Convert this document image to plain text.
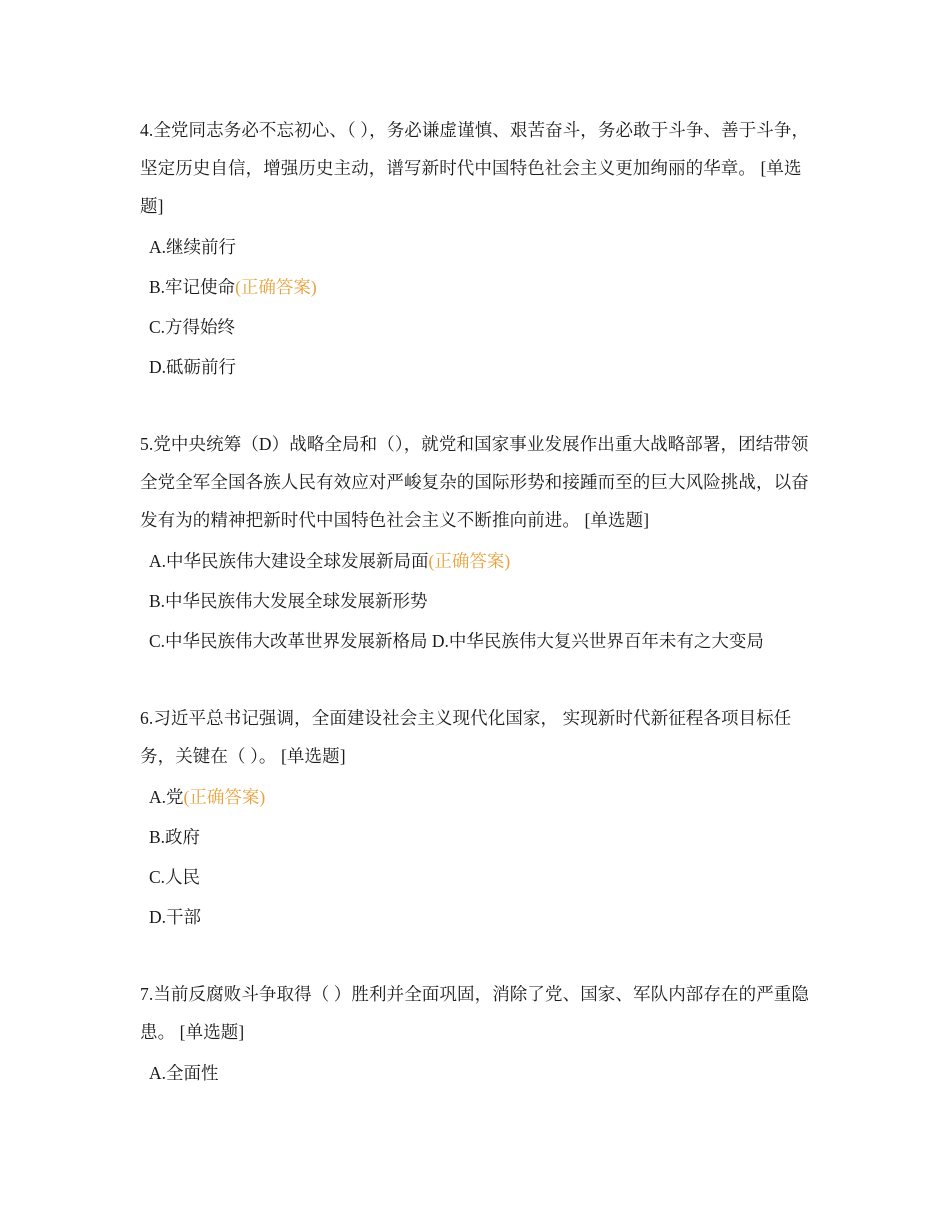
4.全党同志务必不忘初心、（ ），务必谦虚谨慎、艰苦奋斗，务必敢于斗争、善于斗争，坚定历史自信，增强历史主动，谱写新时代中国特色社会主义更加绚丽的华章。 [单选题]
A.继续前行
B.牢记使命(正确答案)
C.方得始终
D.砥砺前行
5.党中央统筹（D）战略全局和（），就党和国家事业发展作出重大战略部署，团结带领全党全军全国各族人民有效应对严峻复杂的国际形势和接踵而至的巨大风险挑战，以奋发有为的精神把新时代中国特色社会主义不断推向前进。 [单选题]
A.中华民族伟大建设全球发展新局面(正确答案)
B.中华民族伟大发展全球发展新形势
C.中华民族伟大改革世界发展新格局 D.中华民族伟大复兴世界百年未有之大变局
6.习近平总书记强调，全面建设社会主义现代化国家， 实现新时代新征程各项目标任务，关键在（ ）。 [单选题]
A.党(正确答案)
B.政府
C.人民
D.干部
7.当前反腐败斗争取得（ ）胜利并全面巩固，消除了党、国家、军队内部存在的严重隐患。 [单选题]
A.全面性
